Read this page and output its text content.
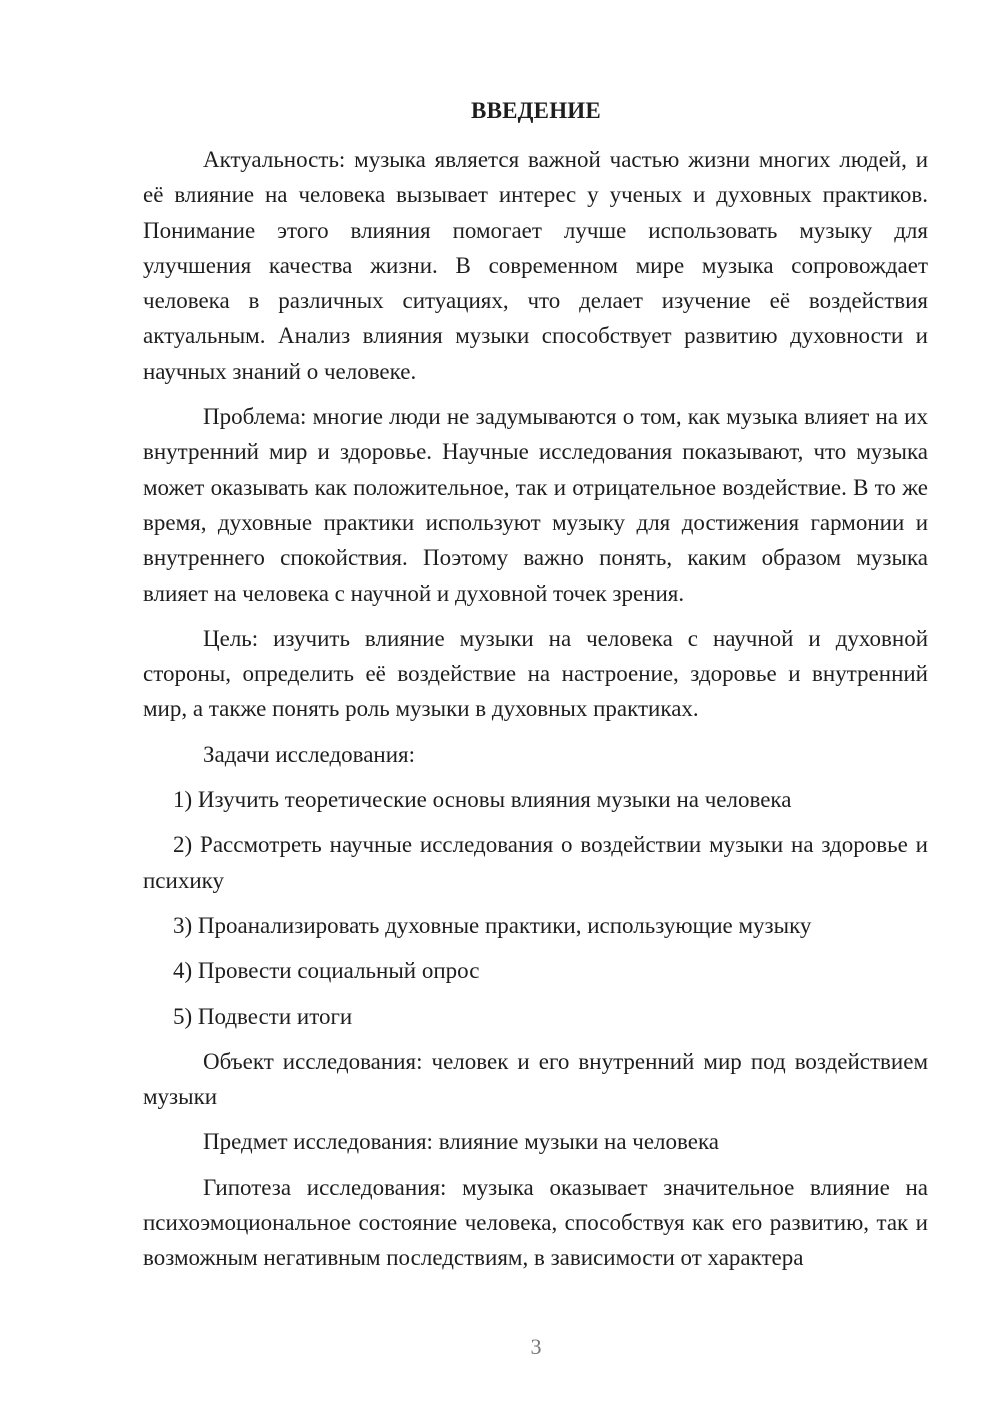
ВВЕДЕНИЕ

Актуальность: музыка является важной частью жизни многих людей, и её влияние на человека вызывает интерес у ученых и духовных практиков. Понимание этого влияния помогает лучше использовать музыку для улучшения качества жизни. В современном мире музыка сопровождает человека в различных ситуациях, что делает изучение её воздействия актуальным. Анализ влияния музыки способствует развитию духовности и научных знаний о человеке.

Проблема: многие люди не задумываются о том, как музыка влияет на их внутренний мир и здоровье. Научные исследования показывают, что музыка может оказывать как положительное, так и отрицательное воздействие. В то же время, духовные практики используют музыку для достижения гармонии и внутреннего спокойствия. Поэтому важно понять, каким образом музыка влияет на человека с научной и духовной точек зрения.

Цель: изучить влияние музыки на человека с научной и духовной стороны, определить её воздействие на настроение, здоровье и внутренний мир, а также понять роль музыки в духовных практиках.

Задачи исследования:

1) Изучить теоретические основы влияния музыки на человека

2) Рассмотреть научные исследования о воздействии музыки на здоровье и психику

3) Проанализировать духовные практики, использующие музыку

4) Провести социальный опрос

5) Подвести итоги

Объект исследования: человек и его внутренний мир под воздействием музыки

Предмет исследования: влияние музыки на человека

Гипотеза исследования: музыка оказывает значительное влияние на психоэмоциональное состояние человека, способствуя как его развитию, так и возможным негативным последствиям, в зависимости от характера

3
